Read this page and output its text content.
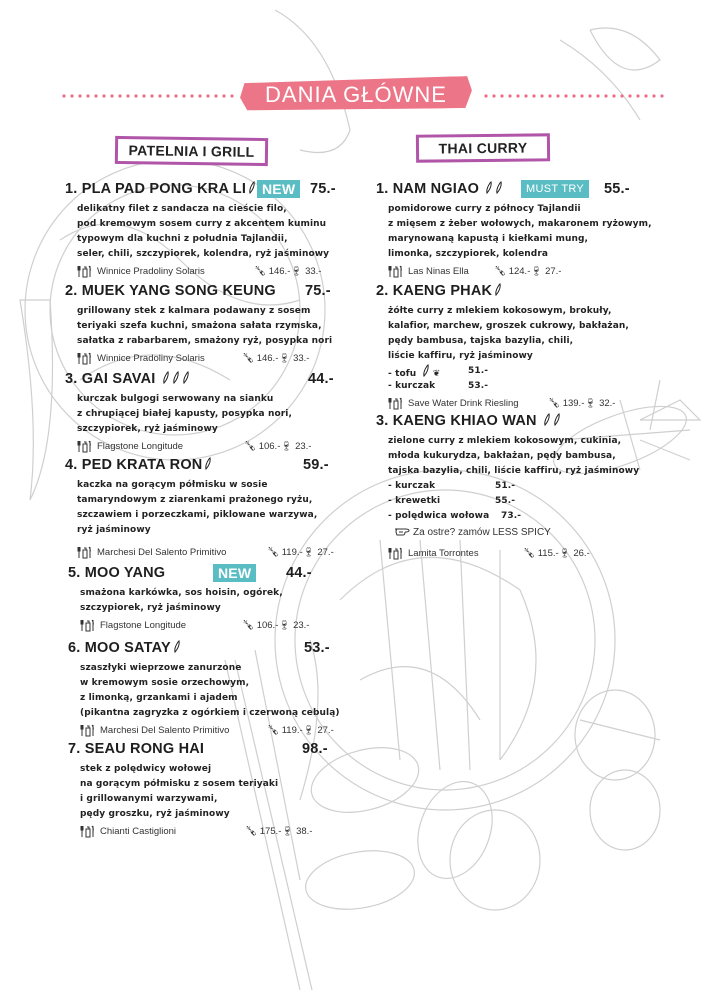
DANIA GŁÓWNE
PATELNIA I GRILL	THAI CURRY
1. PLA PAD PONG KRA LI	NEW	75.-
delikatny filet z sandacza na cieście filo,
pod kremowym sosem curry z akcentem kuminu
typowym dla kuchni z południa Tajlandii,
seler, chili, szczypiorek, kolendra, ryż jaśminowy
Winnice Pradoliny Solaris	🍾︎ 146.-🍷︎ 33.-
2. MUEK YANG SONG KEUNG 75.-
grillowany stek z kalmara podawany z sosem
teriyaki szefa kuchni, smażona sałata rzymska,
sałatka z rabarbarem, smażony ryż, posypka nori
Winnice Pradoliny Solaris	🍾︎ 146.-🍷︎ 33.-
3. GAI SAVAI	44.-
kurczak bulgogi serwowany na sianku
z chrupiącej białej kapusty, posypka nori,
szczypiorek, ryż jaśminowy
Flagstone Longitude	🍾︎ 106.-🍷︎ 23.-
4. PED KRATA RON	59.-
kaczka na gorącym półmisku w sosie
tamaryndowym z ziarenkami prażonego ryżu,
szczawiem i porzeczkami, piklowane warzywa,
ryż jaśminowy
Marchesi Del Salento Primitivo	🍾︎ 119.-🍷︎ 27.-
5. MOO YANG	NEW	44.-
smażona karkówka, sos hoisin, ogórek,
szczypiorek, ryż jaśminowy
Flagstone Longitude	🍾︎ 106.-🍷︎ 23.-
6. MOO SATAY	53.-
szaszłyki wieprzowe zanurzone
w kremowym sosie orzechowym,
z limonką, grzankami i ajadem
(pikantna zagryzka z ogórkiem i czerwoną cebulą)
Marchesi Del Salento Primitivo	🍾︎ 119.-🍷︎ 27.-
7. SEAU RONG HAI	98.-
stek z polędwicy wołowej
na gorącym półmisku z sosem teriyaki
i grillowanymi warzywami,
pędy groszku, ryż jaśminowy
Chianti Castiglioni	🍾︎ 175.-🍷︎ 38.-
1. NAM NGIAO	MUST TRY	55.-
pomidorowe curry z północy Tajlandii
z mięsem z żeber wołowych, makaronem ryżowym,
marynowaną kapustą i kiełkami mung,
limonka, szczypiorek, kolendra
Las Ninas Ella	🍾︎ 124.-🍷︎ 27.-
2. KAENG PHAK
żółte curry z mlekiem kokosowym, brokuły,
kalafior, marchew, groszek cukrowy, bakłażan,
pędy bambusa, tajska bazylia, chili,
liście kaffiru, ryż jaśminowy
- tofu ❦	51.-
- kurczak	53.-
Save Water Drink Riesling	🍾︎ 139.-🍷︎ 32.-
3. KAENG KHIAO WAN
zielone curry z mlekiem kokosowym, cukinia,
młoda kukurydza, bakłażan, pędy bambusa,
tajska bazylia, chili, liście kaffiru, ryż jaśminowy
- kurczak	51.-
- krewetki	55.-
- polędwica wołowa 73.-
Za ostre? zamów LESS SPICY
Lamita Torrontes	🍾︎ 115.-🍷︎ 26.-
